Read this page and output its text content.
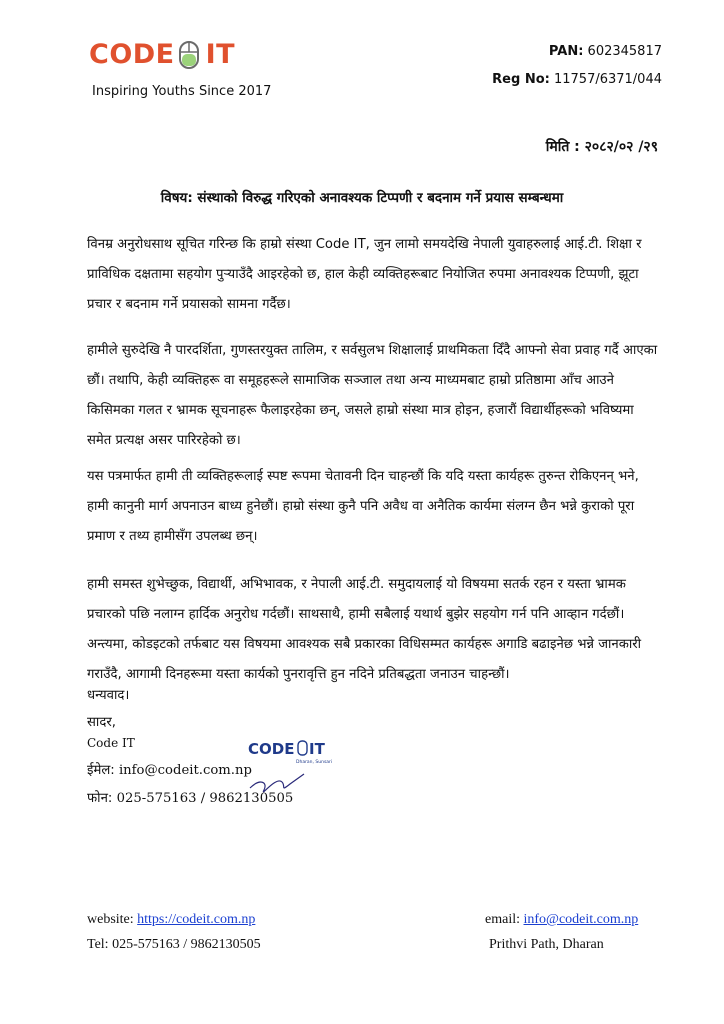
CODE IT
Inspiring Youths Since 2017
PAN: 602345817
Reg No: 11757/6371/044
मिति : २०८२/०२ /२९
विषय: संस्थाको विरुद्ध गरिएको अनावश्यक टिप्पणी र बदनाम गर्ने प्रयास सम्बन्धमा
विनम्र अनुरोधसाथ सूचित गरिन्छ कि हाम्रो संस्था Code IT, जुन लामो समयदेखि नेपाली युवाहरुलाई आई.टी. शिक्षा र प्राविधिक दक्षतामा सहयोग पुर्‍याउँदै आइरहेको छ, हाल केही व्यक्तिहरूबाट नियोजित रुपमा अनावश्यक टिप्पणी, झूटा प्रचार र बदनाम गर्ने प्रयासको सामना गर्दैछ।
हामीले सुरुदेखि नै पारदर्शिता, गुणस्तरयुक्त तालिम, र सर्वसुलभ शिक्षालाई प्राथमिकता दिँदै आफ्नो सेवा प्रवाह गर्दै आएका छौं। तथापि, केही व्यक्तिहरू वा समूहहरूले सामाजिक सञ्जाल तथा अन्य माध्यमबाट हाम्रो प्रतिष्ठामा आँच आउने किसिमका गलत र भ्रामक सूचनाहरू फैलाइरहेका छन्, जसले हाम्रो संस्था मात्र होइन, हजारौं विद्यार्थीहरूको भविष्यमा समेत प्रत्यक्ष असर पारिरहेको छ।
यस पत्रमार्फत हामी ती व्यक्तिहरूलाई स्पष्ट रूपमा चेतावनी दिन चाहन्छौं कि यदि यस्ता कार्यहरू तुरुन्त रोकिएनन् भने, हामी कानुनी मार्ग अपनाउन बाध्य हुनेछौं। हाम्रो संस्था कुनै पनि अवैध वा अनैतिक कार्यमा संलग्न छैन भन्ने कुराको पूरा प्रमाण र तथ्य हामीसँग उपलब्ध छन्।
हामी समस्त शुभेच्छुक, विद्यार्थी, अभिभावक, र नेपाली आई.टी. समुदायलाई यो विषयमा सतर्क रहन र यस्ता भ्रामक प्रचारको पछि नलाग्न हार्दिक अनुरोध गर्दछौं। साथसाथै, हामी सबैलाई यथार्थ बुझेर सहयोग गर्न पनि आव्हान गर्दछौं। अन्त्यमा, कोडइटको तर्फबाट यस विषयमा आवश्यक सबै प्रकारका विधिसम्मत कार्यहरू अगाडि बढाइनेछ भन्ने जानकारी गराउँदै, आगामी दिनहरूमा यस्ता कार्यको पुनरावृत्ति हुन नदिने प्रतिबद्धता जनाउन चाहन्छौं।
धन्यवाद।
सादर,
Code IT
ईमेल: info@codeit.com.np
फोन: 025-575163 / 9862130505
CODE IT
Dharan, Sunsari
website: https://codeit.com.np
Tel: 025-575163 / 9862130505
email: info@codeit.com.np
Prithvi Path, Dharan
